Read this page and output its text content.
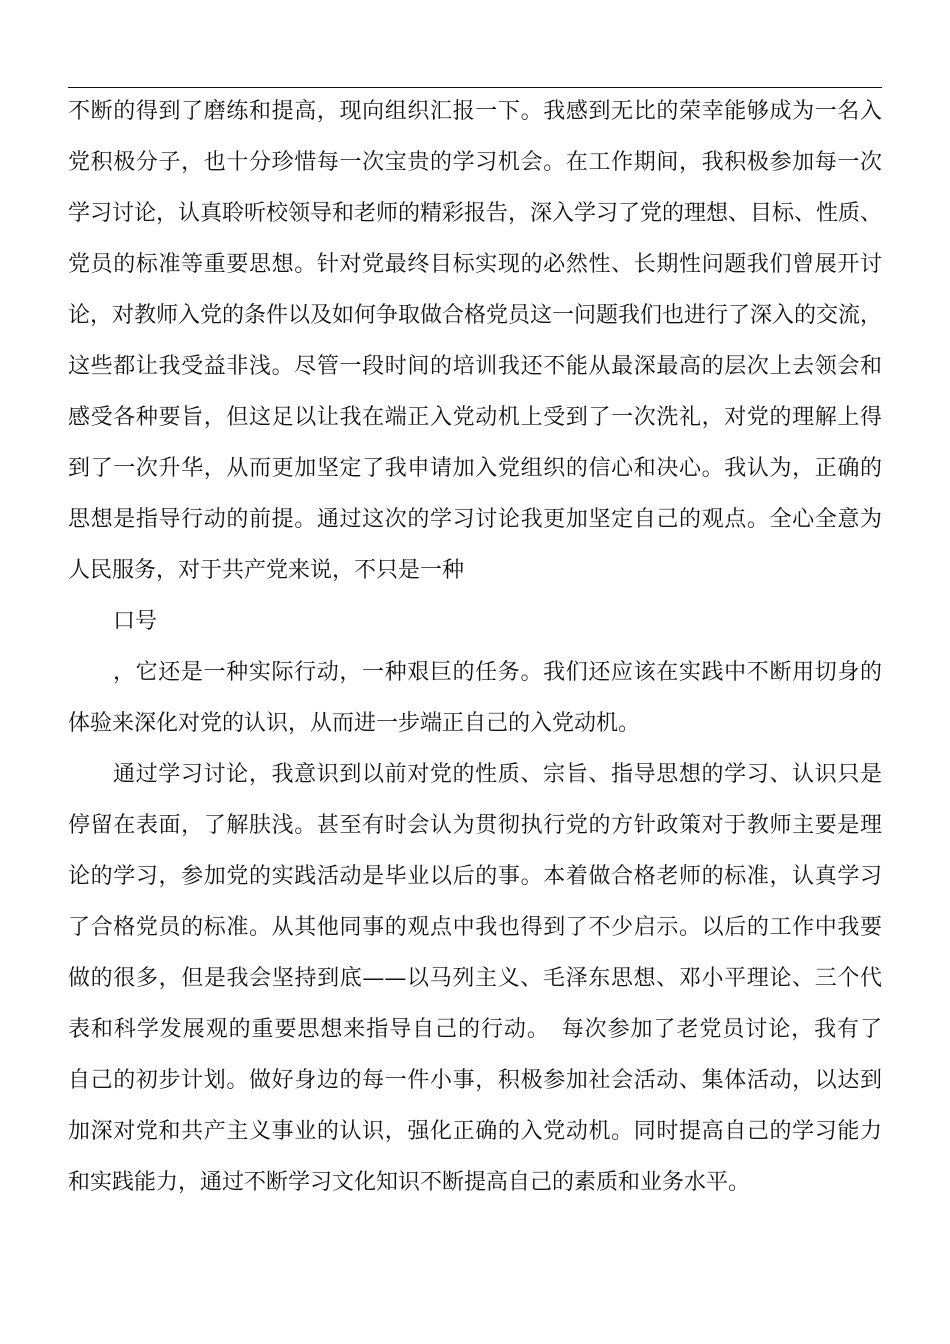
不断的得到了磨练和提高，现向组织汇报一下。我感到无比的荣幸能够成为一名入
党积极分子，也十分珍惜每一次宝贵的学习机会。在工作期间，我积极参加每一次
学习讨论，认真聆听校领导和老师的精彩报告，深入学习了党的理想、目标、性质、
党员的标准等重要思想。针对党最终目标实现的必然性、长期性问题我们曾展开讨
论，对教师入党的条件以及如何争取做合格党员这一问题我们也进行了深入的交流，
这些都让我受益非浅。尽管一段时间的培训我还不能从最深最高的层次上去领会和
感受各种要旨，但这足以让我在端正入党动机上受到了一次洗礼，对党的理解上得
到了一次升华，从而更加坚定了我申请加入党组织的信心和决心。我认为，正确的
思想是指导行动的前提。通过这次的学习讨论我更加坚定自己的观点。全心全意为
人民服务，对于共产党来说，不只是一种
口号
，它还是一种实际行动，一种艰巨的任务。我们还应该在实践中不断用切身的
体验来深化对党的认识，从而进一步端正自己的入党动机。
通过学习讨论，我意识到以前对党的性质、宗旨、指导思想的学习、认识只是
停留在表面，了解肤浅。甚至有时会认为贯彻执行党的方针政策对于教师主要是理
论的学习，参加党的实践活动是毕业以后的事。本着做合格老师的标准，认真学习
了合格党员的标准。从其他同事的观点中我也得到了不少启示。以后的工作中我要
做的很多，但是我会坚持到底——以马列主义、毛泽东思想、邓小平理论、三个代
表和科学发展观的重要思想来指导自己的行动。　每次参加了老党员讨论，我有了
自己的初步计划。做好身边的每一件小事，积极参加社会活动、集体活动，以达到
加深对党和共产主义事业的认识，强化正确的入党动机。同时提高自己的学习能力
和实践能力，通过不断学习文化知识不断提高自己的素质和业务水平。
